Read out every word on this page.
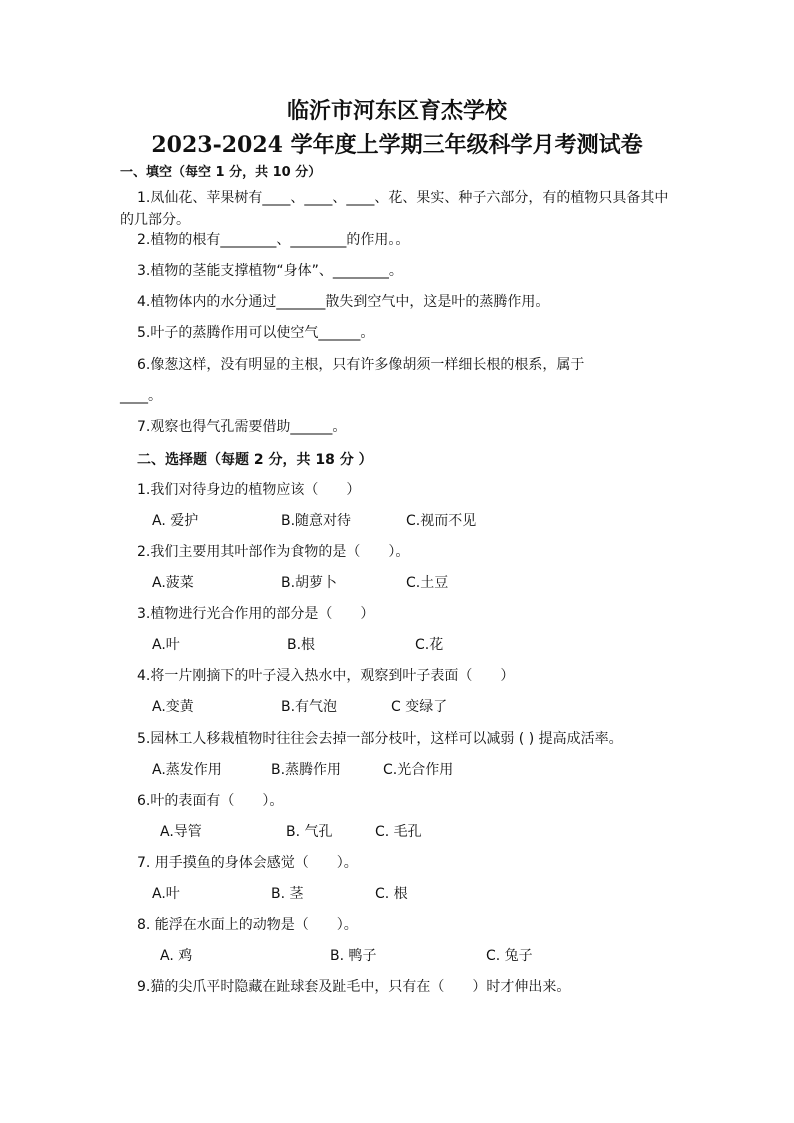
临沂市河东区育杰学校
2023-2024 学年度上学期三年级科学月考测试卷
一、填空（每空 1 分，共 10 分）
1.凤仙花、苹果树有____、____、____、花、果实、种子六部分，有的植物只具备其中的几部分。
2.植物的根有________、________的作用。。
3.植物的茎能支撑植物“身体”、________。
4.植物体内的水分通过_______散失到空气中，这是叶的蒸腾作用。
5.叶子的蒸腾作用可以使空气______。
6.像葱这样，没有明显的主根，只有许多像胡须一样细长根的根系，属于
____。
7.观察也得气孔需要借助______。
二、选择题（每题 2 分，共 18 分 ）
1.我们对待身边的植物应该（　　）
A. 爱护	B.随意对待	C.视而不见
2.我们主要用其叶部作为食物的是（　　）。
A.菠菜	B.胡萝卜	C.土豆
3.植物进行光合作用的部分是（　　）
A.叶	B.根	C.花
4.将一片刚摘下的叶子浸入热水中，观察到叶子表面（　　）
A.变黄	B.有气泡	C 变绿了
5.园林工人移栽植物时往往会去掉一部分枝叶，这样可以减弱 ( ) 提高成活率。
A.蒸发作用	B.蒸腾作用	C.光合作用
6.叶的表面有（　　）。
A.导管	B. 气孔	C. 毛孔
7. 用手摸鱼的身体会感觉（　　）。
A.叶	B. 茎	C. 根
8. 能浮在水面上的动物是（　　）。
A. 鸡	B. 鸭子	C. 兔子
9.猫的尖爪平时隐藏在趾球套及趾毛中，只有在（　　）时才伸出来。
